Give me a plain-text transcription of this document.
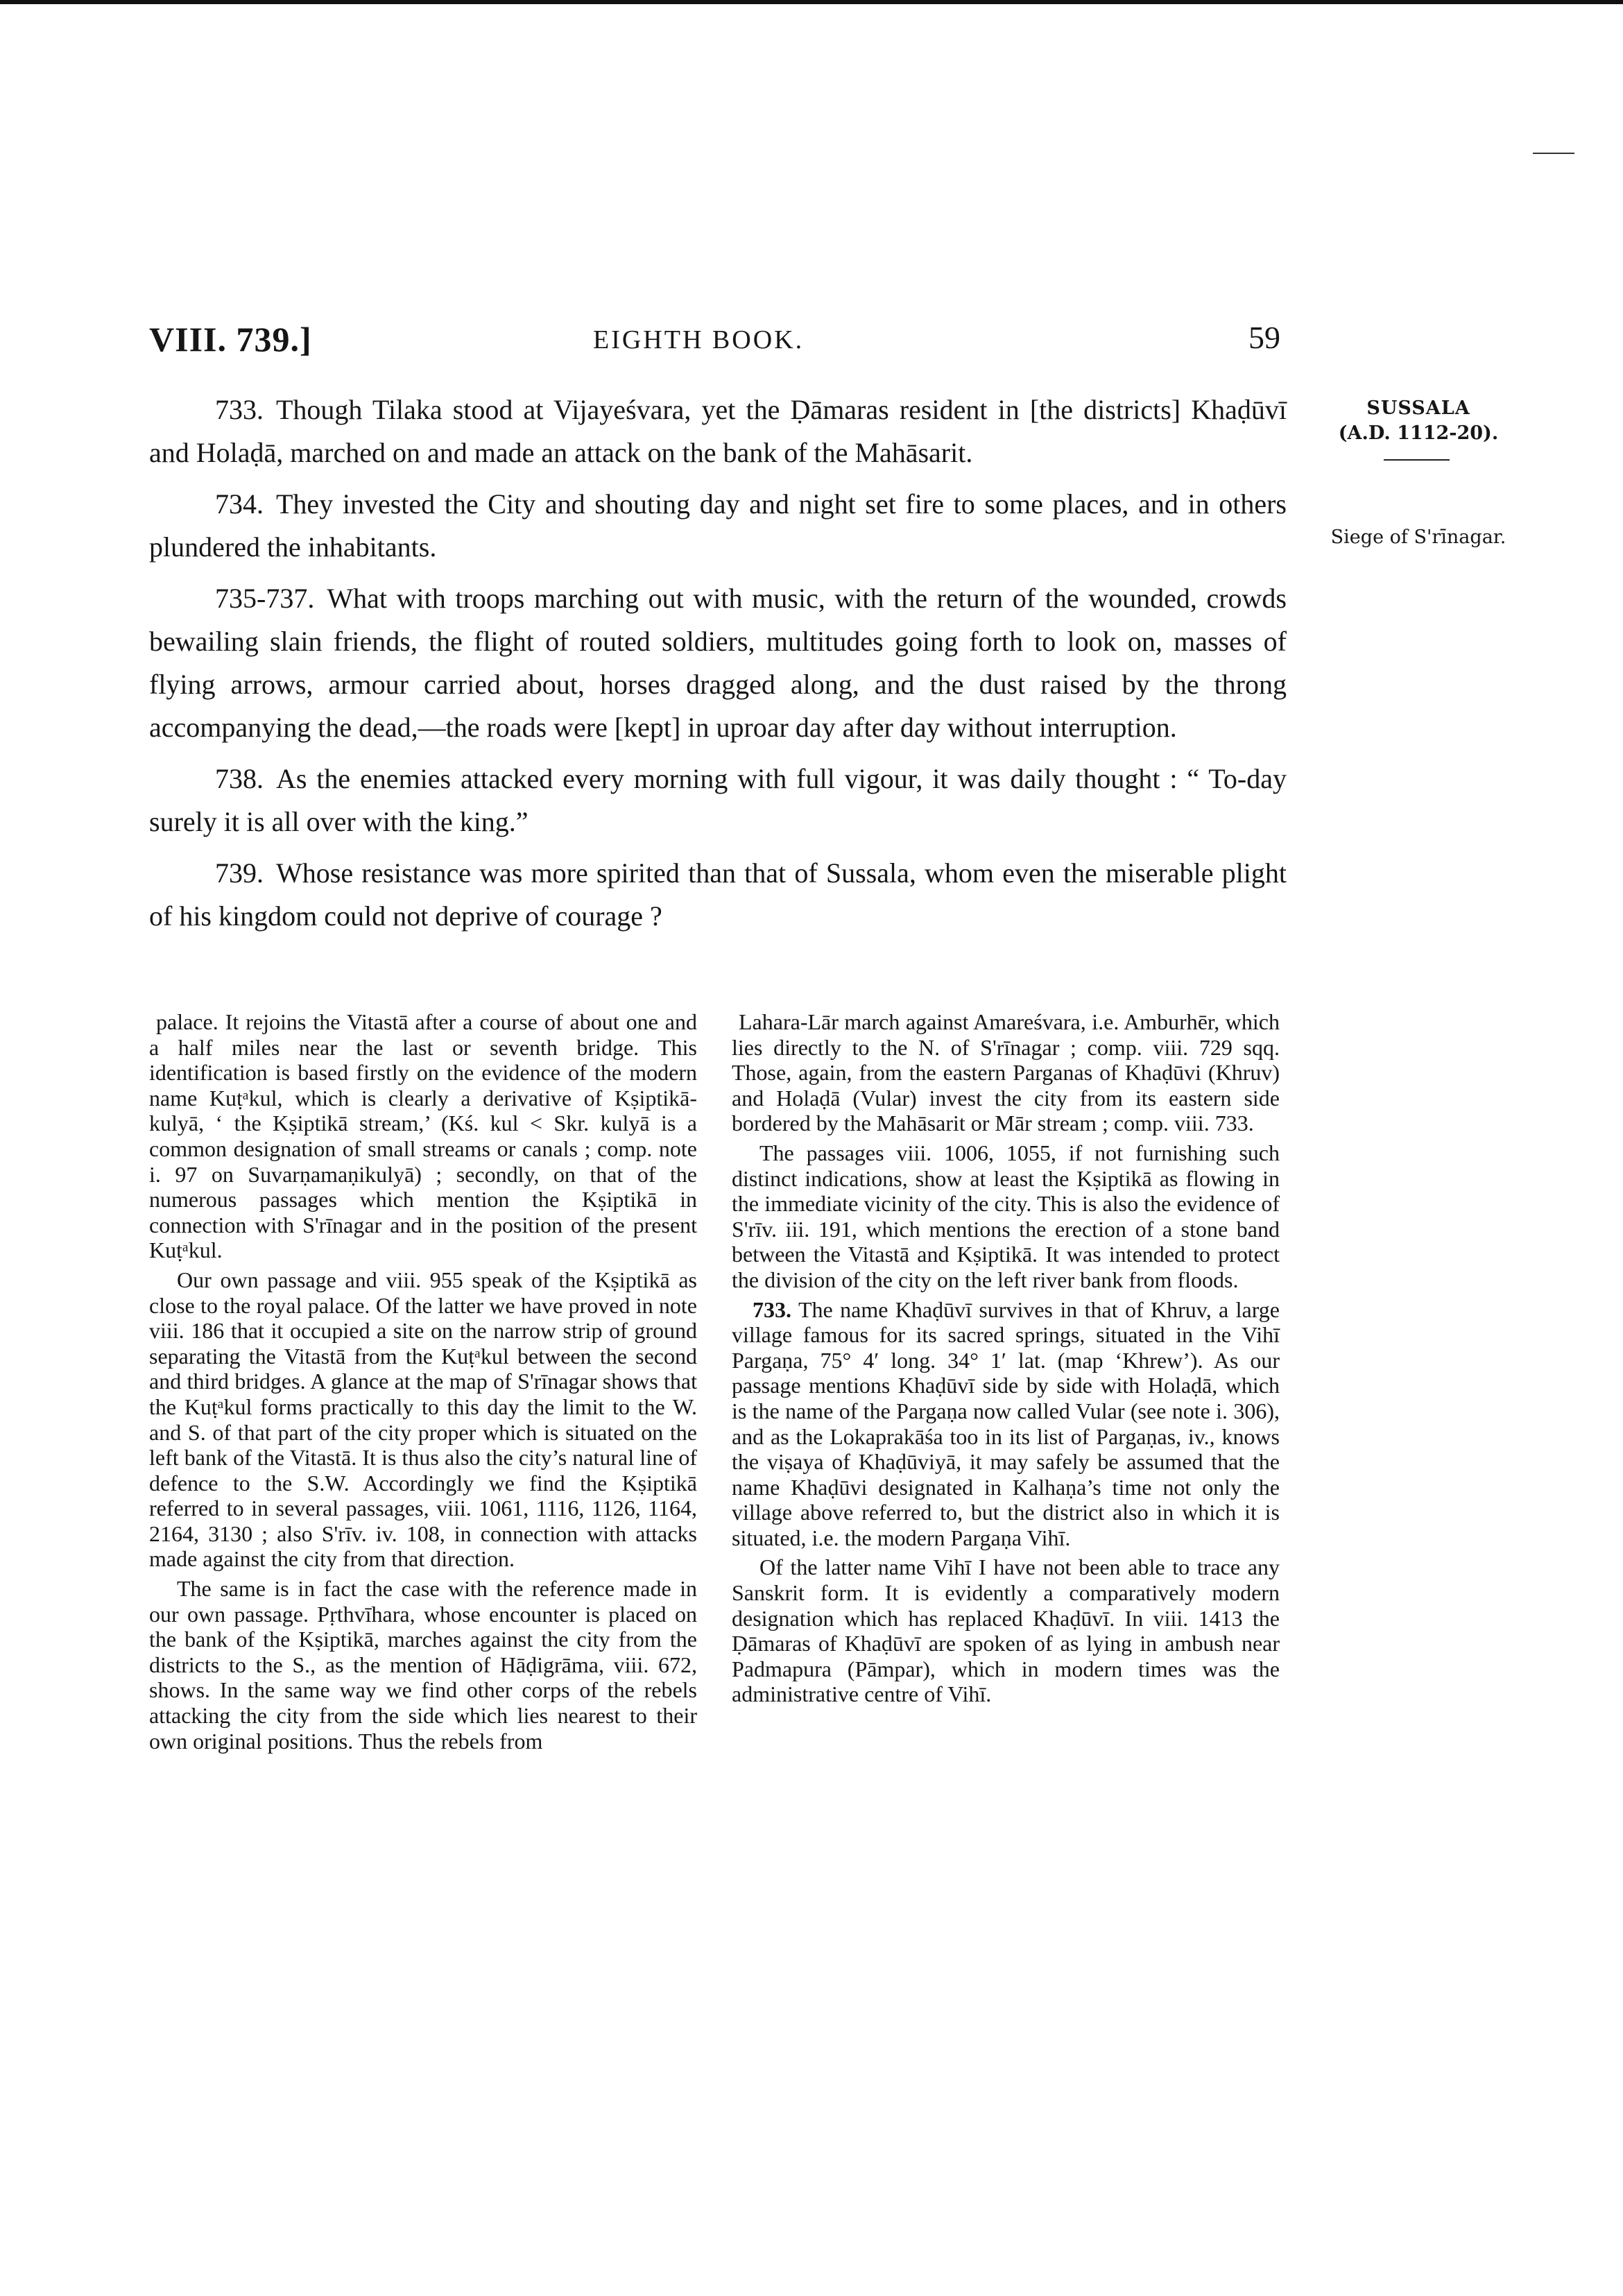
VIII. 739.]	EIGHTH BOOK.	59
SUSSALA
(A.D. 1112-20).
Siege of S'rīnagar.

733. Though Tilaka stood at Vijayeśvara, yet the Ḍāmaras resident in [the districts] Khaḍūvī and Holaḍā, marched on and made an attack on the bank of the Mahāsarit.

734. They invested the City and shouting day and night set fire to some places, and in others plundered the inhabitants.

735-737. What with troops marching out with music, with the return of the wounded, crowds bewailing slain friends, the flight of routed soldiers, multitudes going forth to look on, masses of flying arrows, armour carried about, horses dragged along, and the dust raised by the throng accompanying the dead,—the roads were [kept] in uproar day after day without interruption.

738. As the enemies attacked every morning with full vigour, it was daily thought : “ To-day surely it is all over with the king.”

739. Whose resistance was more spirited than that of Sussala, whom even the miserable plight of his kingdom could not deprive of courage ?

palace. It rejoins the Vitastā after a course of about one and a half miles near the last or seventh bridge. This identification is based firstly on the evidence of the modern name Kuṭᵃkul, which is clearly a derivative of Kṣiptikā-kulyā, ‘ the Kṣiptikā stream,’ (Kś. kul < Skr. kulyā is a common designation of small streams or canals ; comp. note i. 97 on Suvarṇamaṇikulyā) ; secondly, on that of the numerous passages which mention the Kṣiptikā in connection with S'rīnagar and in the position of the present Kuṭᵃkul.

Our own passage and viii. 955 speak of the Kṣiptikā as close to the royal palace. Of the latter we have proved in note viii. 186 that it occupied a site on the narrow strip of ground separating the Vitastā from the Kuṭᵃkul between the second and third bridges. A glance at the map of S'rīnagar shows that the Kuṭᵃkul forms practically to this day the limit to the W. and S. of that part of the city proper which is situated on the left bank of the Vitastā. It is thus also the city’s natural line of defence to the S.W. Accordingly we find the Kṣiptikā referred to in several passages, viii. 1061, 1116, 1126, 1164, 2164, 3130 ; also S'rīv. iv. 108, in connection with attacks made against the city from that direction.

The same is in fact the case with the reference made in our own passage. Pṛthvīhara, whose encounter is placed on the bank of the Kṣiptikā, marches against the city from the districts to the S., as the mention of Hāḍigrāma, viii. 672, shows. In the same way we find other corps of the rebels attacking the city from the side which lies nearest to their own original positions. Thus the rebels from

Lahara-Lār march against Amareśvara, i.e. Amburhēr, which lies directly to the N. of S'rīnagar ; comp. viii. 729 sqq. Those, again, from the eastern Parganas of Khaḍūvi (Khruv) and Holaḍā (Vular) invest the city from its eastern side bordered by the Mahāsarit or Mār stream ; comp. viii. 733.

The passages viii. 1006, 1055, if not furnishing such distinct indications, show at least the Kṣiptikā as flowing in the immediate vicinity of the city. This is also the evidence of S'rīv. iii. 191, which mentions the erection of a stone band between the Vitastā and Kṣiptikā. It was intended to protect the division of the city on the left river bank from floods.

733. The name Khaḍūvī survives in that of Khruv, a large village famous for its sacred springs, situated in the Vihī Pargaṇa, 75° 4′ long. 34° 1′ lat. (map ‘Khrew’). As our passage mentions Khaḍūvī side by side with Holaḍā, which is the name of the Pargaṇa now called Vular (see note i. 306), and as the Lokaprakāśa too in its list of Pargaṇas, iv., knows the viṣaya of Khaḍūviyā, it may safely be assumed that the name Khaḍūvi designated in Kalhaṇa’s time not only the village above referred to, but the district also in which it is situated, i.e. the modern Pargaṇa Vihī.

Of the latter name Vihī I have not been able to trace any Sanskrit form. It is evidently a comparatively modern designation which has replaced Khaḍūvī. In viii. 1413 the Ḍāmaras of Khaḍūvī are spoken of as lying in ambush near Padmapura (Pāmpar), which in modern times was the administrative centre of Vihī.
